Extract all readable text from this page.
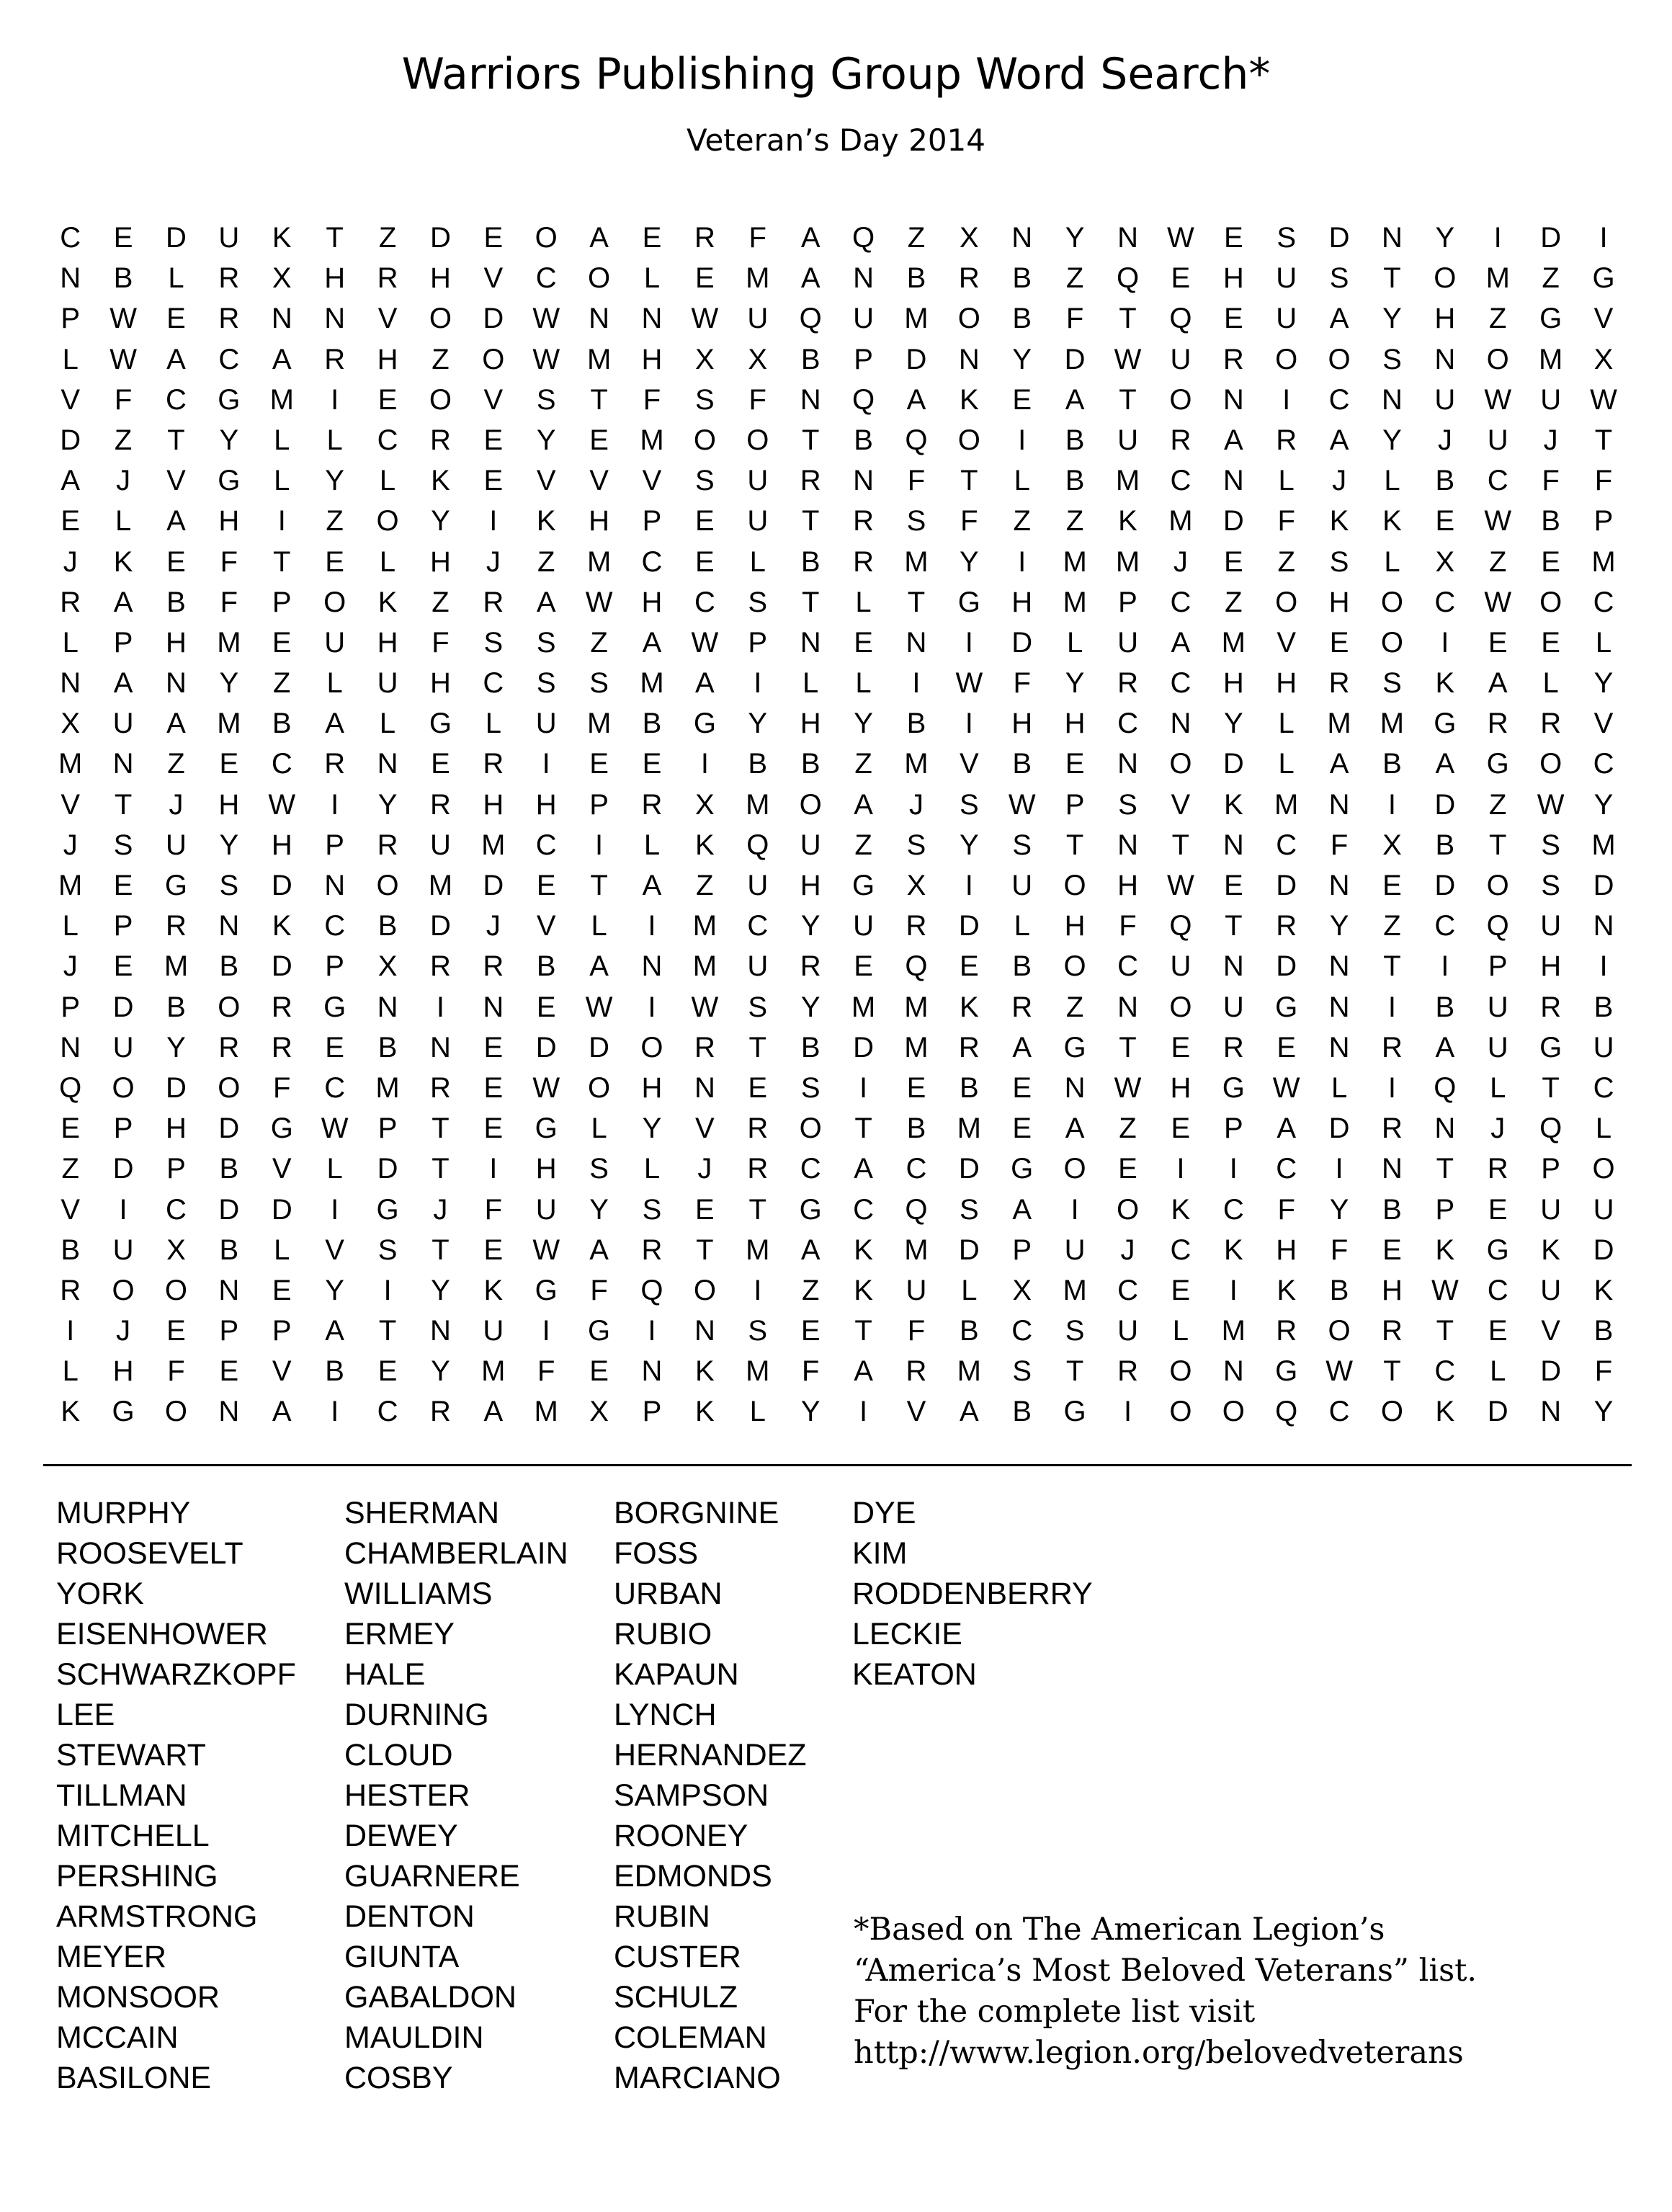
Warriors Publishing Group Word Search*
Veteran’s Day 2014
C	E	D	U	K	T	Z	D	E	O	A	E	R	F	A	Q	Z	X	N	Y	N	W	E	S	D	N	Y	I	D	I
N	B	L	R	X	H	R	H	V	C	O	L	E	M	A	N	B	R	B	Z	Q	E	H	U	S	T	O	M	Z	G
P	W	E	R	N	N	V	O	D	W	N	N	W	U	Q	U	M	O	B	F	T	Q	E	U	A	Y	H	Z	G	V
L	W	A	C	A	R	H	Z	O W M	H	X	X	B	P	D	N	Y	D	W	U	R	O	O	S	N	O	M	X
V	F	C	G	M	I	E	O	V	S	T	F	S	F	N	Q	A	K	E	A	T	O	N	I	C	N	U	W	U	W
D	Z	T	Y	L	L	C	R	E	Y	E	M	O	O	T	B	Q	O	I	B	U	R	A	R	A	Y	J	U	J	T
A	J	V	G	L	Y	L	K	E	V	V	V	S	U	R	N	F	T	L	B	M	C	N	L	J	L	B	C	F	F
E	L	A	H	I	Z	O	Y	I	K	H	P	E	U	T	R	S	F	Z	Z	K	M	D	F	K	K	E	W	B	P
J	K	E	F	T	E	L	H	J	Z	M	C	E	L	B	R	M	Y	I	M	M	J	E	Z	S	L	X	Z	E	M
R	A	B	F	P	O	K	Z	R	A	W	H	C	S	T	L	T	G	H	M	P	C	Z	O	H	O	C	W O	C
L	P	H	M	E	U	H	F	S	S	Z	A	W	P	N	E	N	I	D	L	U	A	M	V	E	O	I	E	E	L
N	A	N	Y	Z	L	U	H	C	S	S	M	A	I	L	L	I	W	F	Y	R	C	H	H	R	S	K	A	L	Y
X	U	A	M	B	A	L	G	L	U	M	B	G	Y	H	Y	B	I	H	H	C	N	Y	L	M	M	G	R	R	V
M	N	Z	E	C	R	N	E	R	I	E	E	I	B	B	Z	M	V	B	E	N	O	D	L	A	B	A	G	O	C
V	T	J	H	W	I	Y	R	H	H	P	R	X	M	O	A	J	S	W	P	S	V	K	M	N	I	D	Z	W	Y
J	S	U	Y	H	P	R	U	M	C	I	L	K	Q	U	Z	S	Y	S	T	N	T	N	C	F	X	B	T	S	M
M	E	G	S	D	N	O	M	D	E	T	A	Z	U	H	G	X	I	U	O	H	W	E	D	N	E	D	O	S	D
L	P	R	N	K	C	B	D	J	V	L	I	M	C	Y	U	R	D	L	H	F	Q	T	R	Y	Z	C	Q	U	N
J	E	M	B	D	P	X	R	R	B	A	N	M	U	R	E	Q	E	B	O	C	U	N	D	N	T	I	P	H	I
P	D	B	O	R	G	N	I	N	E	W	I	W	S	Y	M	M	K	R	Z	N	O	U	G	N	I	B	U	R	B
N	U	Y	R	R	E	B	N	E	D	D	O	R	T	B	D	M	R	A	G	T	E	R	E	N	R	A	U	G	U
Q	O	D	O	F	C	M	R	E	W O	H	N	E	S	I	E	B	E	N	W	H	G W	L	I	Q	L	T	C
E	P	H	D	G W	P	T	E	G	L	Y	V	R	O	T	B	M	E	A	Z	E	P	A	D	R	N	J	Q	L
Z	D	P	B	V	L	D	T	I	H	S	L	J	R	C	A	C	D	G	O	E	I	I	C	I	N	T	R	P	O
V	I	C	D	D	I	G	J	F	U	Y	S	E	T	G	C	Q	S	A	I	O	K	C	F	Y	B	P	E	U	U
B	U	X	B	L	V	S	T	E	W	A	R	T	M	A	K	M	D	P	U	J	C	K	H	F	E	K	G	K	D
R	O	O	N	E	Y	I	Y	K	G	F	Q	O	I	Z	K	U	L	X	M	C	E	I	K	B	H	W	C	U	K
I	J	E	P	P	A	T	N	U	I	G	I	N	S	E	T	F	B	C	S	U	L	M	R	O	R	T	E	V	B
L	H	F	E	V	B	E	Y	M	F	E	N	K	M	F	A	R	M	S	T	R	O	N	G W	T	C	L	D	F
K	G	O	N	A	I	C	R	A	M	X	P	K	L	Y	I	V	A	B	G	I	O	O	Q	C	O	K	D	N	Y
MURPHY
ROOSEVELT
YORK
EISENHOWER
SCHWARZKOPF
LEE
STEWART
TILLMAN
MITCHELL
PERSHING
ARMSTRONG
MEYER
MONSOOR
MCCAIN
BASILONE
SHERMAN
CHAMBERLAIN
WILLIAMS
ERMEY
HALE
DURNING
CLOUD
HESTER
DEWEY
GUARNERE
DENTON
GIUNTA
GABALDON
MAULDIN
COSBY
BORGNINE
FOSS
URBAN
RUBIO
KAPAUN
LYNCH
HERNANDEZ
SAMPSON
ROONEY
EDMONDS
RUBIN
CUSTER
SCHULZ
COLEMAN
MARCIANO
DYE
KIM
RODDENBERRY
LECKIE
KEATON
*Based on The American Legion’s
“America’s Most Beloved Veterans” list.
For the complete list visit
http://www.legion.org/belovedveterans
